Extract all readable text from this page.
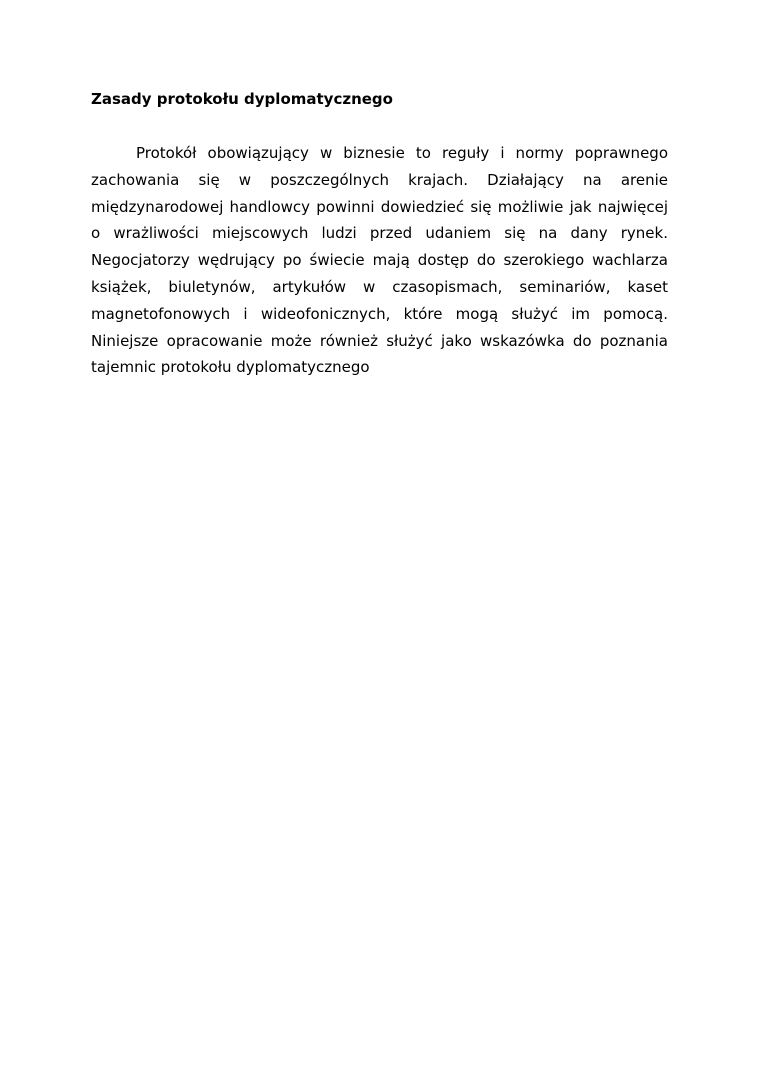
Zasady protokołu dyplomatycznego

Protokół obowiązujący w biznesie to reguły i normy poprawnego zachowania się w poszczególnych krajach. Działający na arenie międzynarodowej handlowcy powinni dowiedzieć się możliwie jak najwięcej o wrażliwości miejscowych ludzi przed udaniem się na dany rynek. Negocjatorzy wędrujący po świecie mają dostęp do szerokiego wachlarza książek, biuletynów, artykułów w czasopismach, seminariów, kaset magnetofonowych i wideofonicznych, które mogą służyć im pomocą. Niniejsze opracowanie może również służyć jako wskazówka do poznania tajemnic protokołu dyplomatycznego
